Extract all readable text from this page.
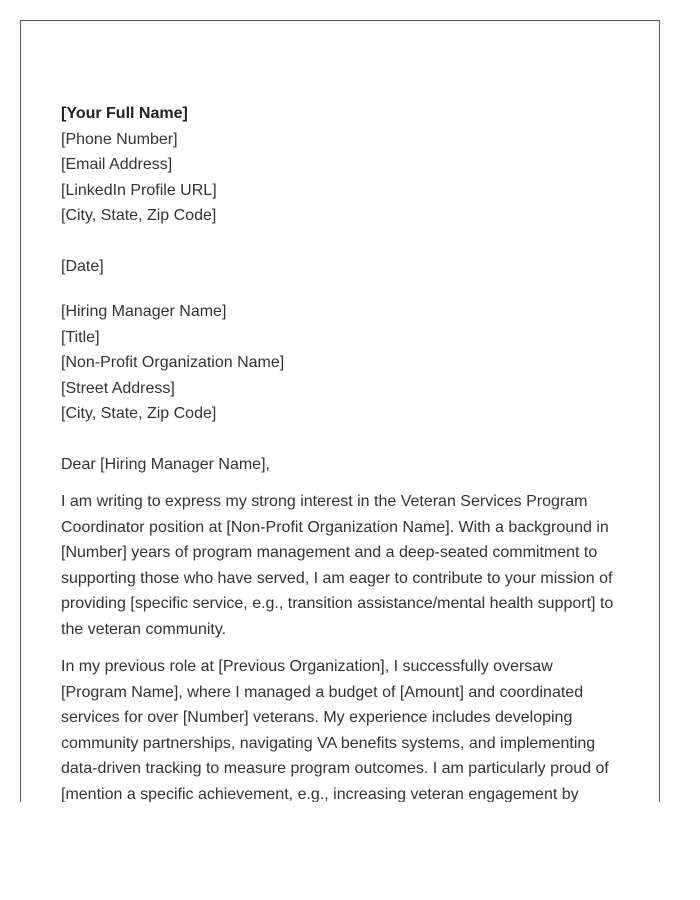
[Your Full Name]
[Phone Number]
[Email Address]
[LinkedIn Profile URL]
[City, State, Zip Code]
[Date]
[Hiring Manager Name]
[Title]
[Non-Profit Organization Name]
[Street Address]
[City, State, Zip Code]
Dear [Hiring Manager Name],

I am writing to express my strong interest in the Veteran Services Program Coordinator position at [Non-Profit Organization Name]. With a background in [Number] years of program management and a deep-seated commitment to supporting those who have served, I am eager to contribute to your mission of providing [specific service, e.g., transition assistance/mental health support] to the veteran community.

In my previous role at [Previous Organization], I successfully oversaw [Program Name], where I managed a budget of [Amount] and coordinated services for over [Number] veterans. My experience includes developing community partnerships, navigating VA benefits systems, and implementing data-driven tracking to measure program outcomes. I am particularly proud of [mention a specific achievement, e.g., increasing veteran engagement by
